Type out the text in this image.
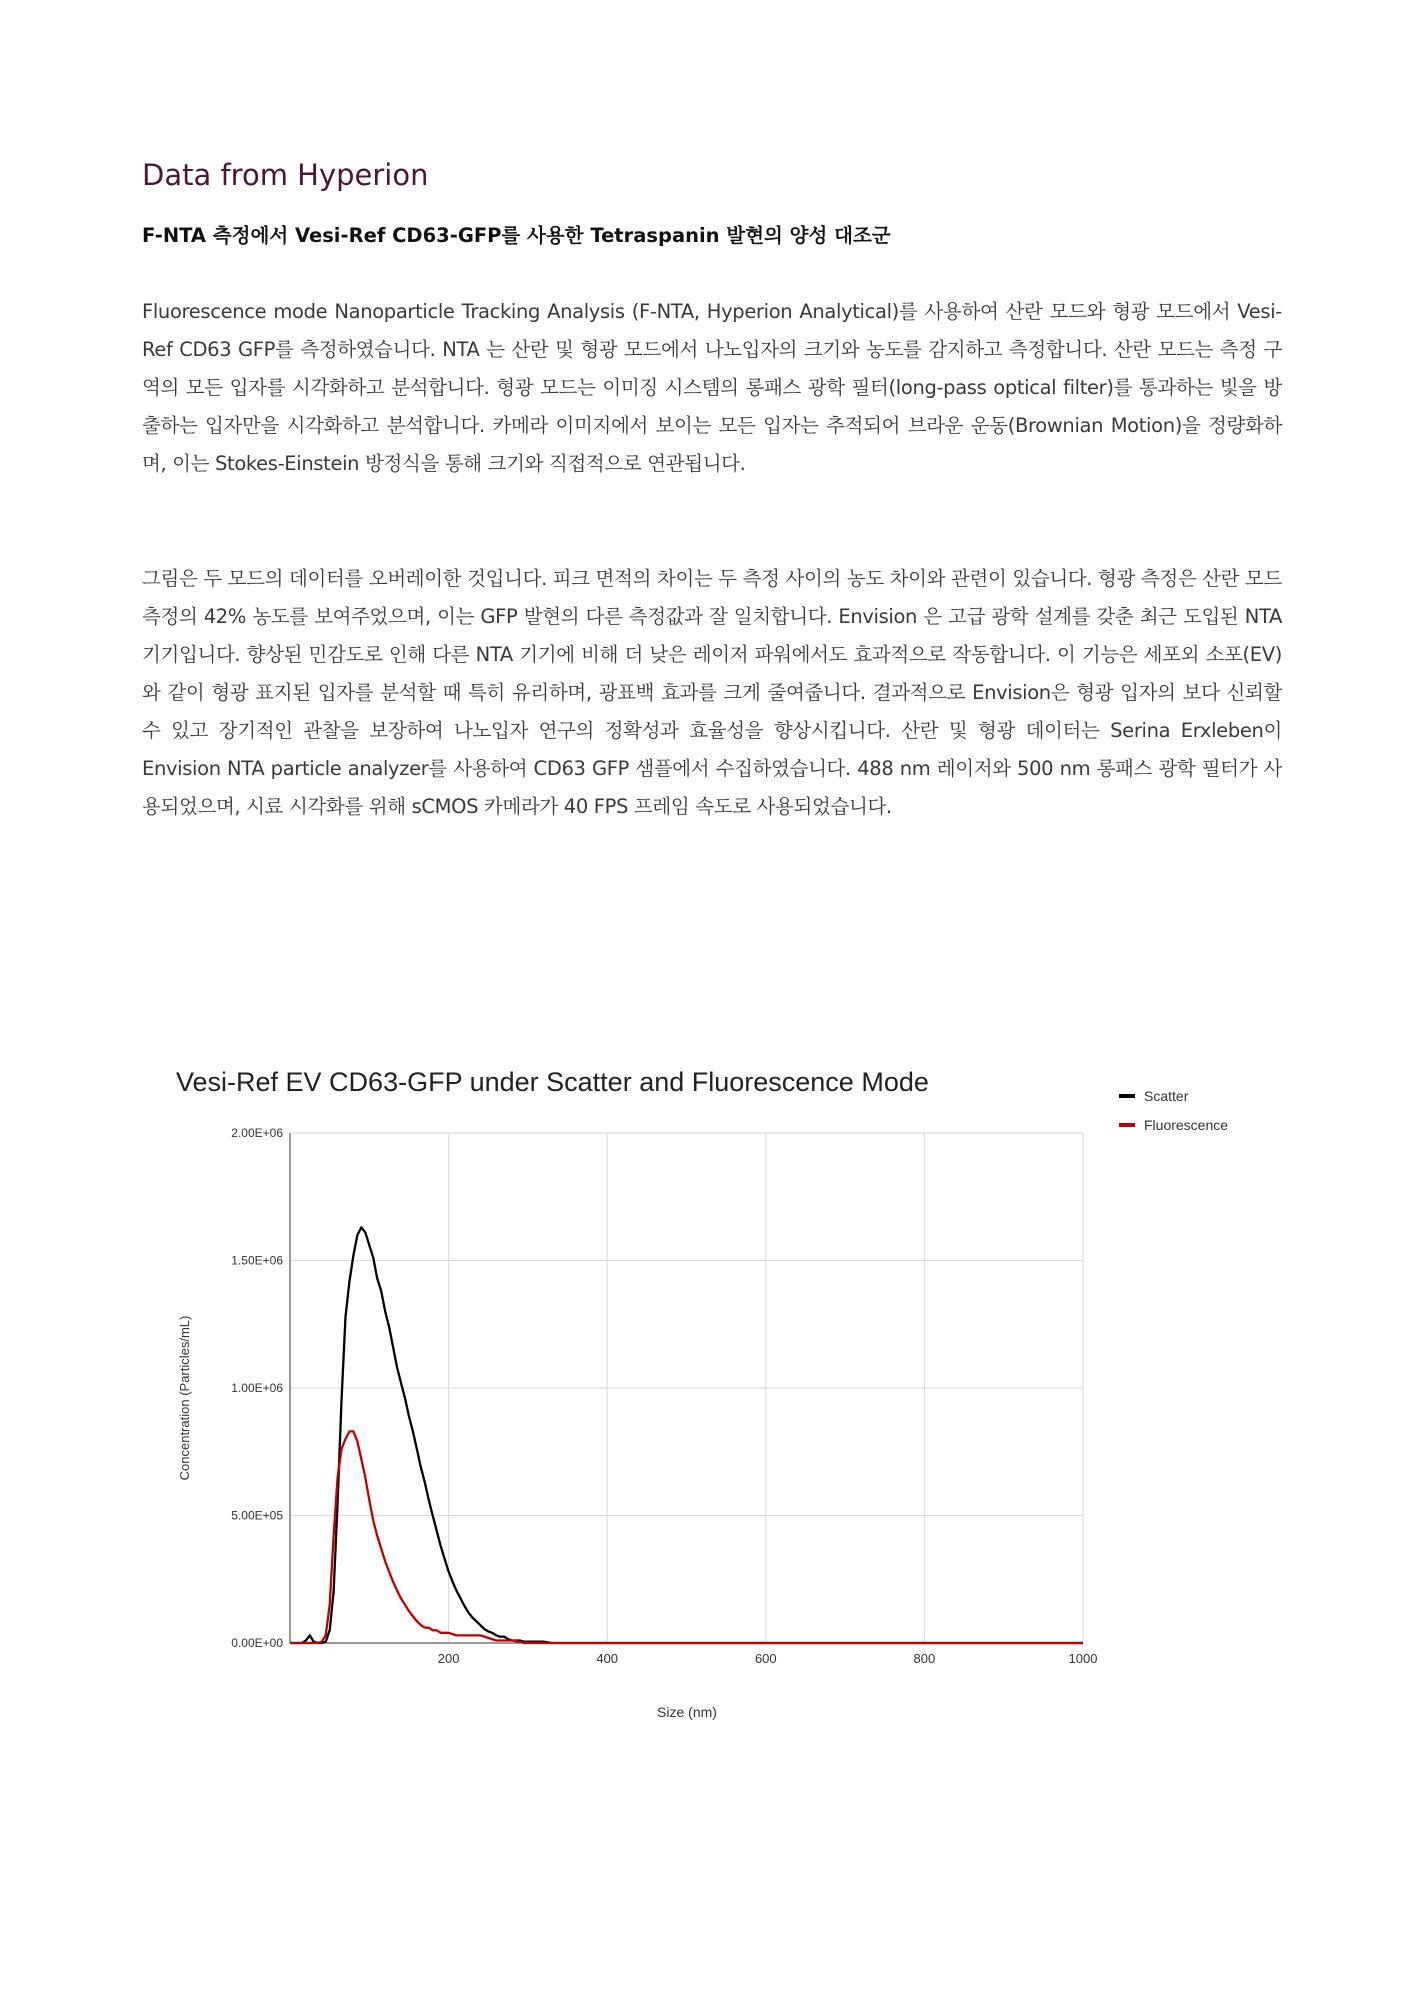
Data from Hyperion
F-NTA 측정에서 Vesi-Ref CD63-GFP를 사용한 Tetraspanin 발현의 양성 대조군

Fluorescence mode Nanoparticle Tracking Analysis (F-NTA, Hyperion Analytical)를 사용하여 산란 모드와 형광 모드에서 Vesi-Ref CD63 GFP를 측정하였습니다. NTA 는 산란 및 형광 모드에서 나노입자의 크기와 농도를 감지하고 측정합니다. 산란 모드는 측정 구역의 모든 입자를 시각화하고 분석합니다. 형광 모드는 이미징 시스템의 롱패스 광학 필터(long-pass optical filter)를 통과하는 빛을 방출하는 입자만을 시각화하고 분석합니다. 카메라 이미지에서 보이는 모든 입자는 추적되어 브라운 운동(Brownian Motion)을 정량화하며, 이는 Stokes-Einstein 방정식을 통해 크기와 직접적으로 연관됩니다.

그림은 두 모드의 데이터를 오버레이한 것입니다. 피크 면적의 차이는 두 측정 사이의 농도 차이와 관련이 있습니다. 형광 측정은 산란 모드 측정의 42% 농도를 보여주었으며, 이는 GFP 발현의 다른 측정값과 잘 일치합니다. Envision 은 고급 광학 설계를 갖춘 최근 도입된 NTA 기기입니다. 향상된 민감도로 인해 다른 NTA 기기에 비해 더 낮은 레이저 파워에서도 효과적으로 작동합니다. 이 기능은 세포외 소포(EV)와 같이 형광 표지된 입자를 분석할 때 특히 유리하며, 광표백 효과를 크게 줄여줍니다. 결과적으로 Envision은 형광 입자의 보다 신뢰할 수 있고 장기적인 관찰을 보장하여 나노입자 연구의 정확성과 효율성을 향상시킵니다. 산란 및 형광 데이터는 Serina Erxleben이 Envision NTA particle analyzer를 사용하여 CD63 GFP 샘플에서 수집하였습니다. 488 nm 레이저와 500 nm 롱패스 광학 필터가 사용되었으며, 시료 시각화를 위해 sCMOS 카메라가 40 FPS 프레임 속도로 사용되었습니다.

Vesi-Ref EV CD63-GFP under Scatter and Fluorescence Mode
0.00E+00
5.00E+05
1.00E+06
1.50E+06
2.00E+06
200	400	600	800	1000
Size (nm)
Concentration (Particles/mL)
Scatter
Fluorescence
